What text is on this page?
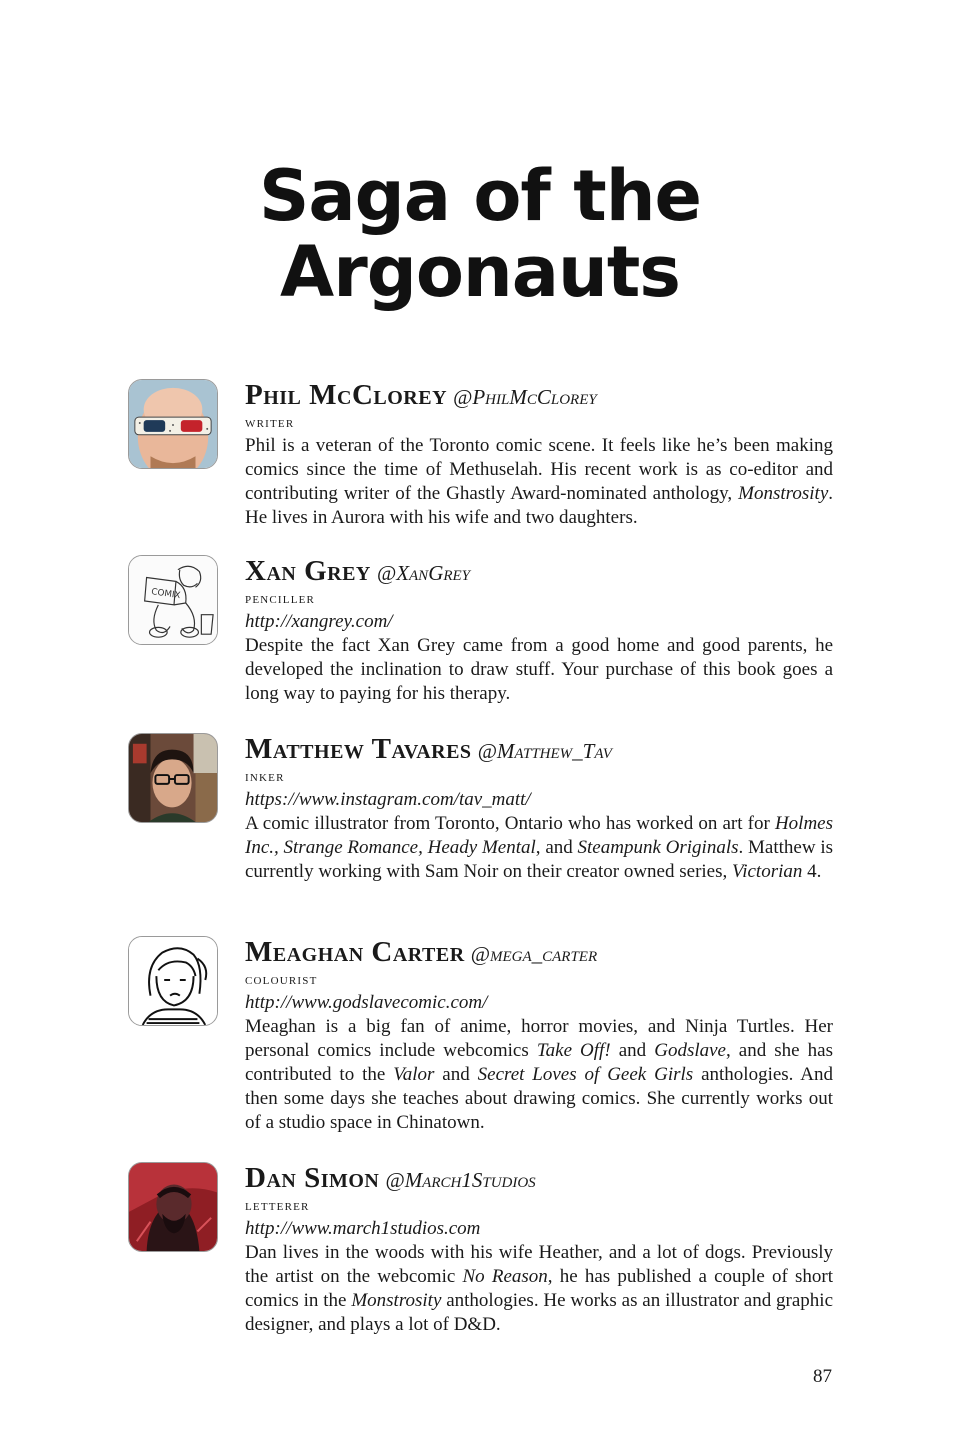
Saga of the
Argonauts
Phil McClorey @PhilMcClorey
writer

Phil is a veteran of the Toronto comic scene. It feels like he’s been making comics since the time of Methuselah. His recent work is as co-editor and contributing writer of the Ghastly Award-nominated anthology, Monstrosity. He lives in Aurora with his wife and two daughters.

COMIX
Xan Grey @XanGrey
penciller
http://xangrey.com/

Despite the fact Xan Grey came from a good home and good parents, he developed the inclination to draw stuff. Your purchase of this book goes a long way to paying for his therapy.

Matthew Tavares @Matthew_Tav
inker
https://www.instagram.com/tav_matt/

A comic illustrator from Toronto, Ontario who has worked on art for Holmes Inc., Strange Romance, Heady Mental, and Steampunk Originals. Matthew is currently working with Sam Noir on their creator owned series, Victorian 4.

Meaghan Carter @mega_carter
colourist
http://www.godslavecomic.com/

Meaghan is a big fan of anime, horror movies, and Ninja Turtles. Her personal comics include webcomics Take Off! and Godslave, and she has contributed to the Valor and Secret Loves of Geek Girls anthologies. And then some days she teaches about drawing comics. She currently works out of a studio space in Chinatown.

Dan Simon @March1Studios
letterer
http://www.march1studios.com

Dan lives in the woods with his wife Heather, and a lot of dogs. Previously the artist on the webcomic No Reason, he has published a couple of short comics in the Monstrosity anthologies. He works as an illustrator and graphic designer, and plays a lot of D&D.

87
